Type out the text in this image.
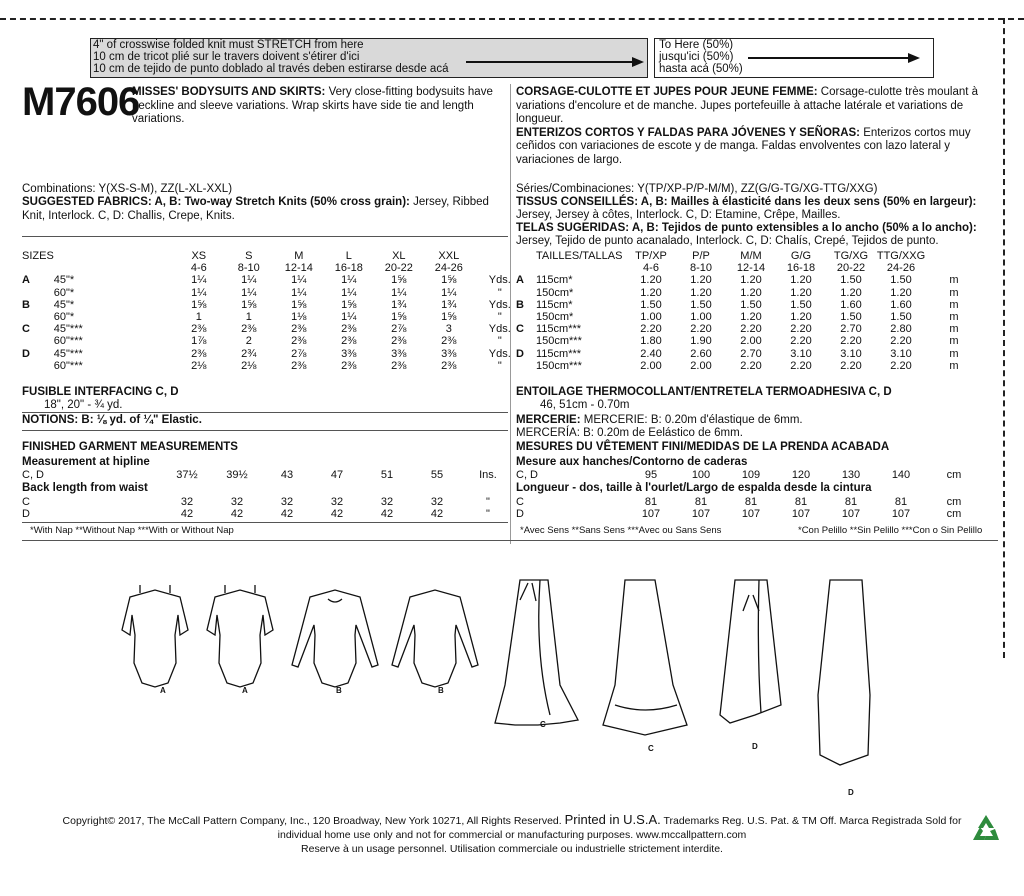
4" of crosswise folded knit must STRETCH from here
10 cm de tricot plié sur le travers doivent s'étirer d'ici
10 cm de tejido de punto doblado al través deben estirarse desde acá
To Here (50%)
jusqu'ici (50%)
hasta acá (50%)
M7606
MISSES' BODYSUITS AND SKIRTS: Very close-fitting bodysuits have neckline and sleeve variations. Wrap skirts have side tie and length variations.
CORSAGE-CULOTTE ET JUPES POUR JEUNE FEMME: Corsage-culotte très moulant à variations d'encolure et de manche. Jupes portefeuille à attache latérale et variations de longueur.
ENTERIZOS CORTOS Y FALDAS PARA JÓVENES Y SEÑORAS: Enterizos cortos muy ceñidos con variaciones de escote y de manga. Faldas envolventes con lazo lateral y variaciones de largo.
Combinations: Y(XS-S-M), ZZ(L-XL-XXL)
SUGGESTED FABRICS: A, B: Two-way Stretch Knits (50% cross grain): Jersey, Ribbed Knit, Interlock. C, D: Challis, Crepe, Knits.
SIZES		XS	S	M	L	XL	XXL	
		4-6	8-10	12-14	16-18	20-22	24-26	
A	45"*	1¼	1¼	1¼	1¼	1⅝	1⅝	Yds.
	60"*	1¼	1¼	1¼	1¼	1¼	1¼	"
B	45"*	1⅝	1⅝	1⅝	1⅝	1¾	1¾	Yds.
	60"*	1	1	1⅛	1¼	1⅝	1⅝	"
C	45"***	2⅜	2⅜	2⅜	2⅜	2⅞	3	Yds.
	60"***	1⅞	2	2⅜	2⅜	2⅜	2⅜	"
D	45"***	2⅜	2¾	2⅞	3⅜	3⅜	3⅜	Yds.
	60"***	2⅛	2⅛	2⅜	2⅜	2⅜	2⅜	"
FUSIBLE INTERFACING C, D
18", 20" - ¾ yd.
NOTIONS: B: ⅛ yd. of ¼" Elastic.
FINISHED GARMENT MEASUREMENTS
Measurement at hipline
C, D	37½	39½	43	47	51	55	Ins.
Back length from waist
C	32	32	32	32	32	32	"
D	42	42	42	42	42	42	"
*With Nap **Without Nap ***With or Without Nap
Séries/Combinaciones: Y(TP/XP-P/P-M/M), ZZ(G/G-TG/XG-TTG/XXG)
TISSUS CONSEILLÉS: A, B: Mailles à élasticité dans les deux sens (50% en largeur):
Jersey, Jersey à côtes, Interlock. C, D: Etamine, Crêpe, Mailles.
TELAS SUGERIDAS: A, B: Tejidos de punto extensibles a lo ancho (50% a lo ancho):
Jersey, Tejido de punto acanalado, Interlock. C, D: Chalís, Crepé, Tejidos de punto.
	TAILLES/TALLAS	TP/XP	P/P	M/M	G/G	TG/XG	TTG/XXG	
		4-6	8-10	12-14	16-18	20-22	24-26	
A	115cm*	1.20	1.20	1.20	1.20	1.50	1.50	m
	150cm*	1.20	1.20	1.20	1.20	1.20	1.20	m
B	115cm*	1.50	1.50	1.50	1.50	1.60	1.60	m
	150cm*	1.00	1.00	1.20	1.20	1.50	1.50	m
C	115cm***	2.20	2.20	2.20	2.20	2.70	2.80	m
	150cm***	1.80	1.90	2.00	2.20	2.20	2.20	m
D	115cm***	2.40	2.60	2.70	3.10	3.10	3.10	m
	150cm***	2.00	2.00	2.20	2.20	2.20	2.20	m
ENTOILAGE THERMOCOLLANT/ENTRETELA TERMOADHESIVA C, D
46, 51cm - 0.70m
MERCERIE: MERCERIE: B: 0.20m d'élastique de 6mm.
MERCERÍA: B: 0.20m de Eelástico de 6mm.
MESURES DU VÊTEMENT FINI/MEDIDAS DE LA PRENDA ACABADA
Mesure aux hanches/Contorno de caderas
C, D	95	100	109	120	130	140	cm
Longueur - dos, taille à l'ourlet/Largo de espalda desde la cintura
C	81	81	81	81	81	81	cm
D	107	107	107	107	107	107	cm
*Avec Sens **Sans Sens ***Avec ou Sans Sens	*Con Pelillo **Sin Pelillo ***Con o Sin Pelillo
A	A	B	B
C
C	D
D
Copyright© 2017, The McCall Pattern Company, Inc., 120 Broadway, New York 10271, All Rights Reserved. Printed in U.S.A. Trademarks Reg. U.S. Pat. & TM Off. Marca Registrada Sold for
individual home use only and not for commercial or manufacturing purposes. www.mccallpattern.com
Reserve à un usage personnel. Utilisation commerciale ou industrielle strictement interdite.
